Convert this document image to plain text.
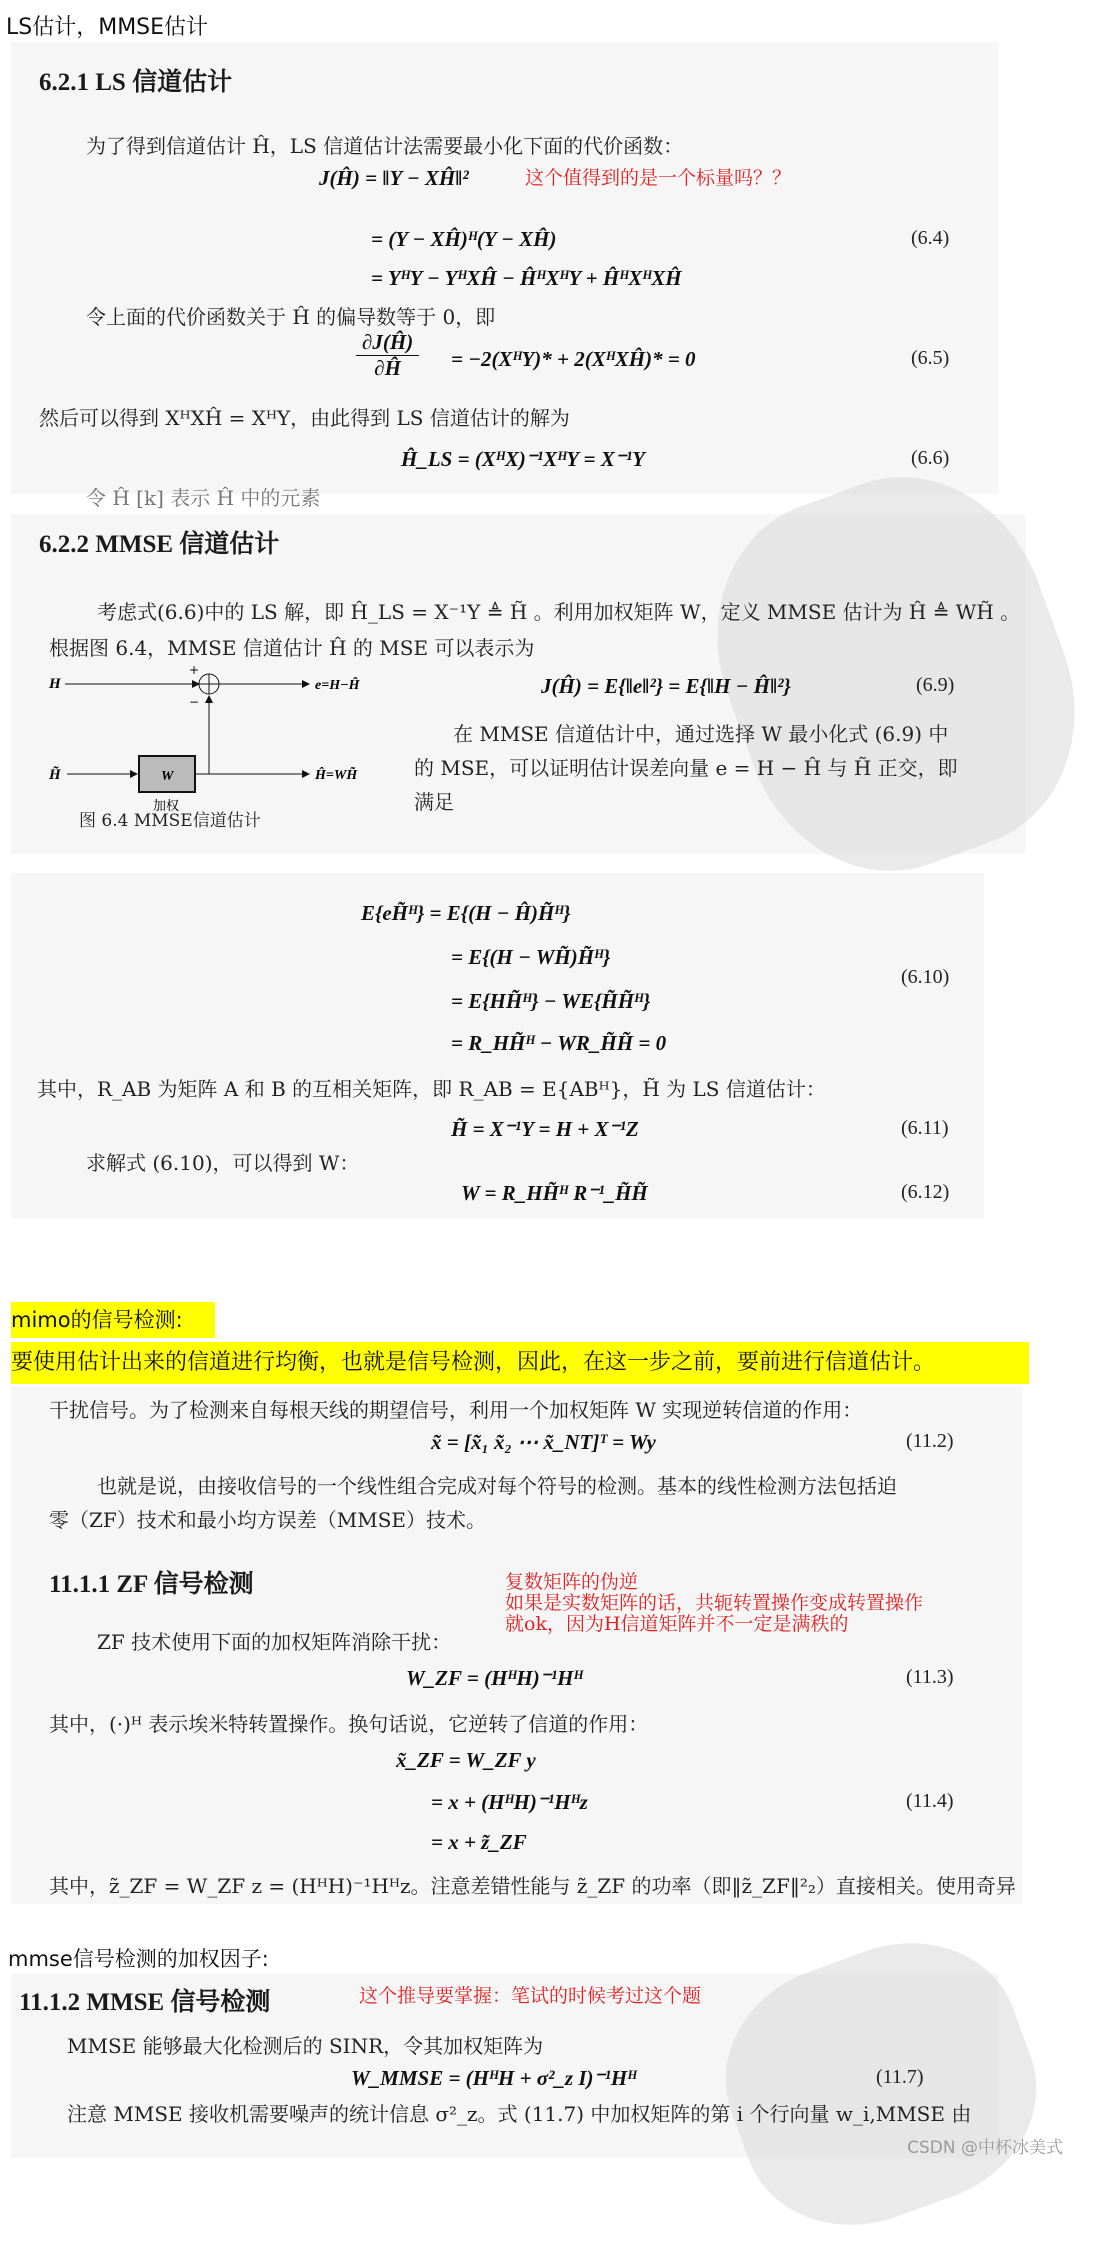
LS估计，MMSE估计
6.2.1 LS 信道估计
为了得到信道估计 Ĥ，LS 信道估计法需要最小化下面的代价函数：
J(Ĥ) = ‖Y − XĤ‖²	这个值得到的是一个标量吗？？
= (Y − XĤ)ᴴ(Y − XĤ)	(6.4)
= YᴴY − YᴴXĤ − ĤᴴXᴴY + ĤᴴXᴴXĤ
令上面的代价函数关于 Ĥ 的偏导数等于 0，即
$\frac{\partial J(Ĥ)}{\partial Ĥ}$ = −2(XᴴY)* + 2(XᴴXĤ)* = 0	(6.5)
然后可以得到 XᴴXĤ = XᴴY，由此得到 LS 信道估计的解为
Ĥ_LS = (XᴴX)⁻¹XᴴY = X⁻¹Y	(6.6)
令 Ĥ [k] 表示 Ĥ 中的元素
6.2.2 MMSE 信道估计
考虑式(6.6)中的 LS 解，即 Ĥ_LS = X⁻¹Y ≜ H̃ 。利用加权矩阵 W，定义 MMSE 估计为 Ĥ ≜ WH̃ 。
根据图 6.4，MMSE 信道估计 Ĥ 的 MSE 可以表示为
H
+
−
e=H−Ĥ
H̃	W
加权
Ĥ=WH̃
图 6.4 MMSE信道估计
J(Ĥ) = E{‖e‖²} = E{‖H − Ĥ‖²}	(6.9)
在 MMSE 信道估计中，通过选择 W 最小化式 (6.9) 中
的 MSE，可以证明估计误差向量 e = H − Ĥ 与 H̃ 正交，即
满足
E{eH̃ᴴ} = E{(H − Ĥ)H̃ᴴ}
= E{(H − WH̃)H̃ᴴ}
= E{HH̃ᴴ} − WE{H̃H̃ᴴ}
= R_HH̃ᴴ − WR_H̃H̃ = 0
(6.10)
其中，R_AB 为矩阵 A 和 B 的互相关矩阵，即 R_AB = E{ABᴴ}，H̃ 为 LS 信道估计：
H̃ = X⁻¹Y = H + X⁻¹Z	(6.11)
求解式 (6.10)，可以得到 W：
W = R_HH̃ᴴ R⁻¹_H̃H̃	(6.12)
mimo的信号检测:
要使用估计出来的信道进行均衡，也就是信号检测，因此，在这一步之前，要前进行信道估计。
干扰信号。为了检测来自每根天线的期望信号，利用一个加权矩阵 W 实现逆转信道的作用：
x̃ = [x̃₁ x̃₂ ⋯ x̃_NT]ᵀ = Wy	(11.2)
也就是说，由接收信号的一个线性组合完成对每个符号的检测。基本的线性检测方法包括迫
零（ZF）技术和最小均方误差（MMSE）技术。
11.1.1 ZF 信号检测	复数矩阵的伪逆
如果是实数矩阵的话，共轭转置操作变成转置操作
就ok，因为H信道矩阵并不一定是满秩的
ZF 技术使用下面的加权矩阵消除干扰：
W_ZF = (HᴴH)⁻¹Hᴴ	(11.3)
其中，(·)ᴴ 表示埃米特转置操作。换句话说，它逆转了信道的作用：
x̃_ZF = W_ZF y
= x + (HᴴH)⁻¹Hᴴz	(11.4)
= x + z̃_ZF
其中，z̃_ZF = W_ZF z = (HᴴH)⁻¹Hᴴz。注意差错性能与 z̃_ZF 的功率（即‖z̃_ZF‖²₂）直接相关。使用奇异
mmse信号检测的加权因子:
11.1.2 MMSE 信号检测	这个推导要掌握：笔试的时候考过这个题
MMSE 能够最大化检测后的 SINR，令其加权矩阵为
W_MMSE = (HᴴH + σ²_z I)⁻¹Hᴴ	(11.7)
注意 MMSE 接收机需要噪声的统计信息 σ²_z。式 (11.7) 中加权矩阵的第 i 个行向量 w_i,MMSE 由
CSDN @中杯冰美式
